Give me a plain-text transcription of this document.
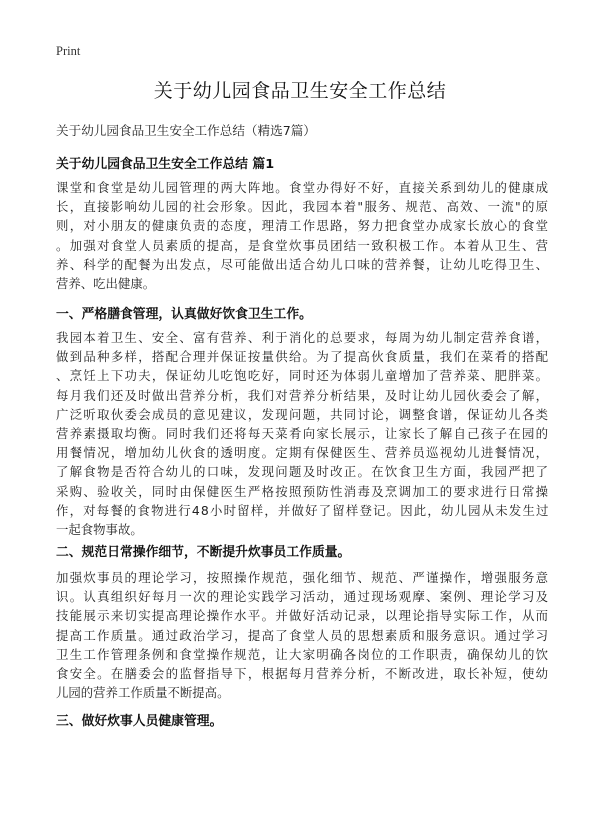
Print
关于幼儿园食品卫生安全工作总结
关于幼儿园食品卫生安全工作总结（精选7篇）
关于幼儿园食品卫生安全工作总结 篇1
课堂和食堂是幼儿园管理的两大阵地。食堂办得好不好，直接关系到幼儿的健康成
长，直接影响幼儿园的社会形象。因此，我园本着"服务、规范、高效、一流"的原
则，对小朋友的健康负责的态度，理清工作思路，努力把食堂办成家长放心的食堂
。加强对食堂人员素质的提高，是食堂炊事员团结一致积极工作。本着从卫生、营
养、科学的配餐为出发点，尽可能做出适合幼儿口味的营养餐，让幼儿吃得卫生、
营养、吃出健康。
一、严格膳食管理，认真做好饮食卫生工作。
我园本着卫生、安全、富有营养、利于消化的总要求，每周为幼儿制定营养食谱，
做到品种多样，搭配合理并保证按量供给。为了提高伙食质量，我们在菜肴的搭配
、烹饪上下功夫，保证幼儿吃饱吃好，同时还为体弱儿童增加了营养菜、肥胖菜。
每月我们还及时做出营养分析，我们对营养分析结果，及时让幼儿园伙委会了解，
广泛听取伙委会成员的意见建议，发现问题，共同讨论，调整食谱，保证幼儿各类
营养素摄取均衡。同时我们还将每天菜肴向家长展示，让家长了解自己孩子在园的
用餐情况，增加幼儿伙食的透明度。定期有保健医生、营养员巡视幼儿进餐情况，
了解食物是否符合幼儿的口味，发现问题及时改正。在饮食卫生方面，我园严把了
采购、验收关，同时由保健医生严格按照预防性消毒及烹调加工的要求进行日常操
作，对每餐的食物进行48小时留样，并做好了留样登记。因此，幼儿园从未发生过
一起食物事故。
二、规范日常操作细节，不断提升炊事员工作质量。
加强炊事员的理论学习，按照操作规范，强化细节、规范、严谨操作，增强服务意
识。认真组织好每月一次的理论实践学习活动，通过现场观摩、案例、理论学习及
技能展示来切实提高理论操作水平。并做好活动记录，以理论指导实际工作，从而
提高工作质量。通过政治学习，提高了食堂人员的思想素质和服务意识。通过学习
卫生工作管理条例和食堂操作规范，让大家明确各岗位的工作职责，确保幼儿的饮
食安全。在膳委会的监督指导下，根据每月营养分析，不断改进，取长补短，使幼
儿园的营养工作质量不断提高。
三、做好炊事人员健康管理。
